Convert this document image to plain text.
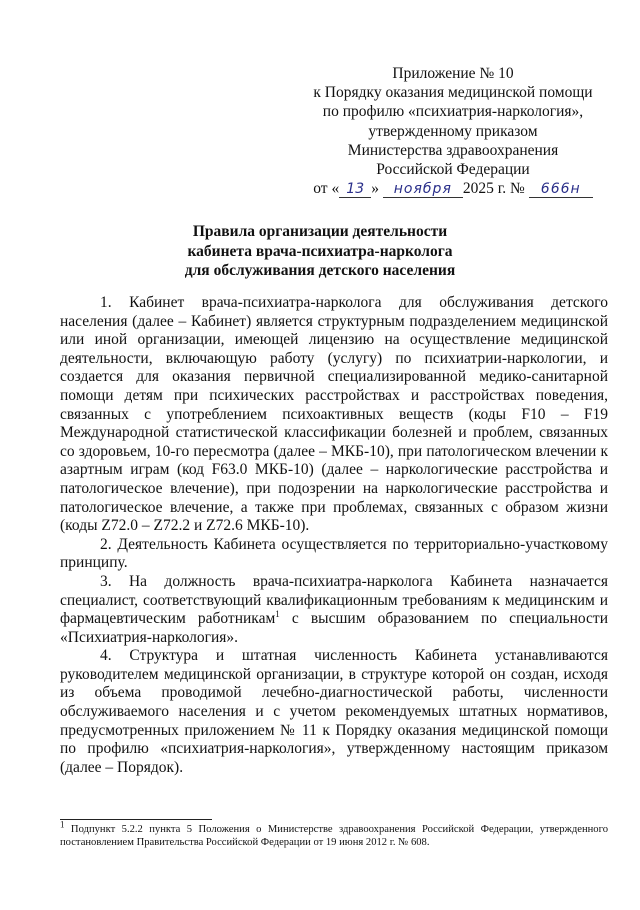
Приложение № 10
к Порядку оказания медицинской помощи
по профилю «психиатрия-наркология»,
утвержденному приказом
Министерства здравоохранения
Российской Федерации
от « 13 » ноября 2025 г. № 666н
Правила организации деятельности
кабинета врача-психиатра-нарколога
для обслуживания детского населения

1. Кабинет врача-психиатра-нарколога для обслуживания детского населения (далее – Кабинет) является структурным подразделением медицинской или иной организации, имеющей лицензию на осуществление медицинской деятельности, включающую работу (услугу) по психиатрии-наркологии, и создается для оказания первичной специализированной медико-санитарной помощи детям при психических расстройствах и расстройствах поведения, связанных с употреблением психоактивных веществ (коды F10 – F19 Международной статистической классификации болезней и проблем, связанных со здоровьем, 10-го пересмотра (далее – МКБ-10), при патологическом влечении к азартным играм (код F63.0 МКБ-10) (далее – наркологические расстройства и патологическое влечение), при подозрении на наркологические расстройства и патологическое влечение, а также при проблемах, связанных с образом жизни (коды Z72.0 – Z72.2 и Z72.6 МКБ-10).

2. Деятельность Кабинета осуществляется по территориально-участковому принципу.

3. На должность врача-психиатра-нарколога Кабинета назначается специалист, соответствующий квалификационным требованиям к медицинским и фармацевтическим работникам$^1$ с высшим образованием по специальности «Психиатрия-наркология».

4. Структура и штатная численность Кабинета устанавливаются руководителем медицинской организации, в структуре которой он создан, исходя из объема проводимой лечебно-диагностической работы, численности обслуживаемого населения и с учетом рекомендуемых штатных нормативов, предусмотренных приложением № 11 к Порядку оказания медицинской помощи по профилю «психиатрия-наркология», утвержденному настоящим приказом (далее – Порядок).

$^1$ Подпункт 5.2.2 пункта 5 Положения о Министерстве здравоохранения Российской Федерации, утвержденного постановлением Правительства Российской Федерации от 19 июня 2012 г. № 608.
